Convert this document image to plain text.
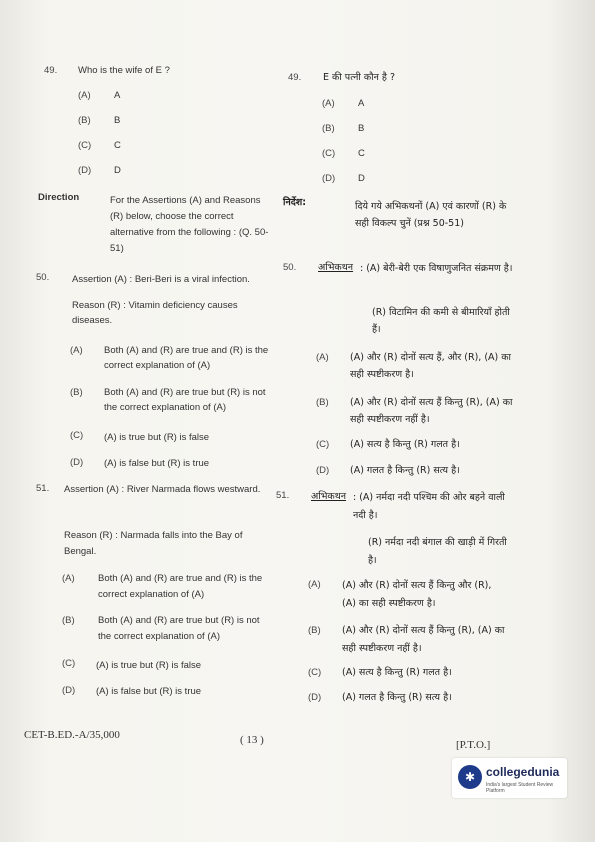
49. Who is the wife of E ?
(A) A
(B) B
(C) C
(D) D
49. E की पत्नी कौन है ?
(A) A
(B) B
(C) C
(D) D
Direction	For the Assertions (A) and Reasons (R) below, choose the correct alternative from the following : (Q. 50-51)
निर्देश:	दिये गये अभिकथनों (A) एवं कारणों (R) के सही विकल्प चुनें (प्रश्न 50-51)
50. Assertion (A) : Beri-Beri is a viral infection.
Reason (R) : Vitamin deficiency causes diseases.
(A) Both (A) and (R) are true and (R) is the correct explanation of (A)
(B) Both (A) and (R) are true but (R) is not the correct explanation of (A)
(C) (A) is true but (R) is false
(D) (A) is false but (R) is true
50. अभिकथन : (A) बेरी-बेरी एक विषाणुजनित संक्रमण है।
(R) विटामिन की कमी से बीमारियाँ होती हैं।
(A) (A) और (R) दोनों सत्य हैं, और (R), (A) का सही स्पष्टीकरण है।
(B) (A) और (R) दोनों सत्य हैं किन्तु (R), (A) का सही स्पष्टीकरण नहीं है।
(C) (A) सत्य है किन्तु (R) गलत है।
(D) (A) गलत है किन्तु (R) सत्य है।
51. Assertion (A) : River Narmada flows westward.
Reason (R) : Narmada falls into the Bay of Bengal.
(A) Both (A) and (R) are true and (R) is the correct explanation of (A)
(B) Both (A) and (R) are true but (R) is not the correct explanation of (A)
(C) (A) is true but (R) is false
(D) (A) is false but (R) is true
51. अभिकथन : (A) नर्मदा नदी पश्चिम की ओर बहने वाली नदी है।
(R) नर्मदा नदी बंगाल की खाड़ी में गिरती है।
(A) (A) और (R) दोनों सत्य हैं किन्तु और (R), (A) का सही स्पष्टीकरण है।
(B) (A) और (R) दोनों सत्य हैं किन्तु (R), (A) का सही स्पष्टीकरण नहीं है।
(C) (A) सत्य है किन्तु (R) गलत है।
(D) (A) गलत है किन्तु (R) सत्य है।
CET-B.ED.-A/35,000	( 13 )	[P.T.O.]
✱ collegedunia
India's largest Student Review Platform
